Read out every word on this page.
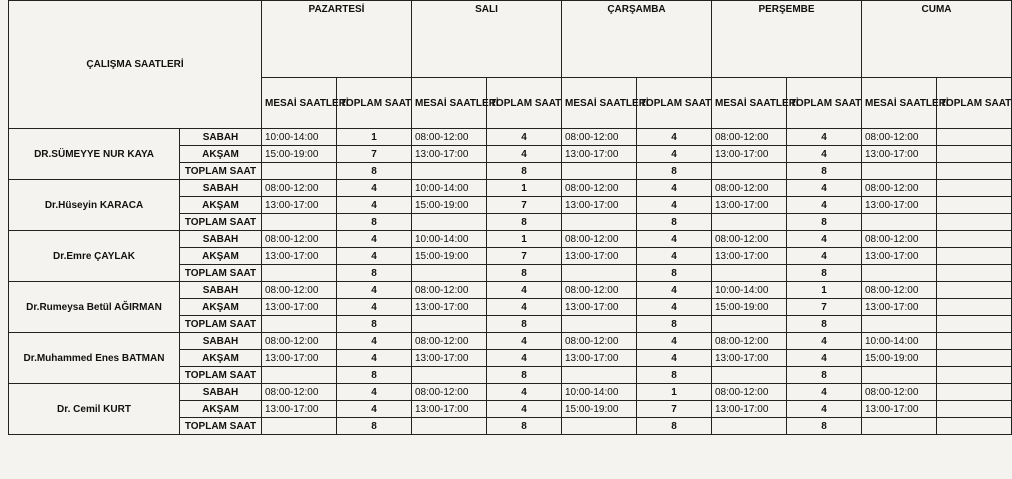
ÇALIŞMA SAATLERİ		PAZARTESİ		SALI		ÇARŞAMBA		PERŞEMBE		CUMA	
		MESAİ SAATLERİ	TOPLAM SAAT	MESAİ SAATLERİ	TOPLAM SAAT	MESAİ SAATLERİ	TOPLAM SAAT	MESAİ SAATLERİ	TOPLAM SAAT	MESAİ SAATLERİ	TOPLAM SAAT
DR.SÜMEYYE NUR KAYA	SABAH	10:00-14:00	1	08:00-12:00	4	08:00-12:00	4	08:00-12:00	4	08:00-12:00	
	AKŞAM	15:00-19:00	7	13:00-17:00	4	13:00-17:00	4	13:00-17:00	4	13:00-17:00	
	TOPLAM SAAT		8		8		8		8		
Dr.Hüseyin KARACA	SABAH	08:00-12:00	4	10:00-14:00	1	08:00-12:00	4	08:00-12:00	4	08:00-12:00	
	AKŞAM	13:00-17:00	4	15:00-19:00	7	13:00-17:00	4	13:00-17:00	4	13:00-17:00	
	TOPLAM SAAT		8		8		8		8		
Dr.Emre ÇAYLAK	SABAH	08:00-12:00	4	10:00-14:00	1	08:00-12:00	4	08:00-12:00	4	08:00-12:00	
	AKŞAM	13:00-17:00	4	15:00-19:00	7	13:00-17:00	4	13:00-17:00	4	13:00-17:00	
	TOPLAM SAAT		8		8		8		8		
Dr.Rumeysa Betül AĞIRMAN	SABAH	08:00-12:00	4	08:00-12:00	4	08:00-12:00	4	10:00-14:00	1	08:00-12:00	
	AKŞAM	13:00-17:00	4	13:00-17:00	4	13:00-17:00	4	15:00-19:00	7	13:00-17:00	
	TOPLAM SAAT		8		8		8		8		
Dr.Muhammed Enes BATMAN	SABAH	08:00-12:00	4	08:00-12:00	4	08:00-12:00	4	08:00-12:00	4	10:00-14:00	
	AKŞAM	13:00-17:00	4	13:00-17:00	4	13:00-17:00	4	13:00-17:00	4	15:00-19:00	
	TOPLAM SAAT		8		8		8		8		
Dr. Cemil KURT	SABAH	08:00-12:00	4	08:00-12:00	4	10:00-14:00	1	08:00-12:00	4	08:00-12:00	
	AKŞAM	13:00-17:00	4	13:00-17:00	4	15:00-19:00	7	13:00-17:00	4	13:00-17:00	
	TOPLAM SAAT		8		8		8		8		
